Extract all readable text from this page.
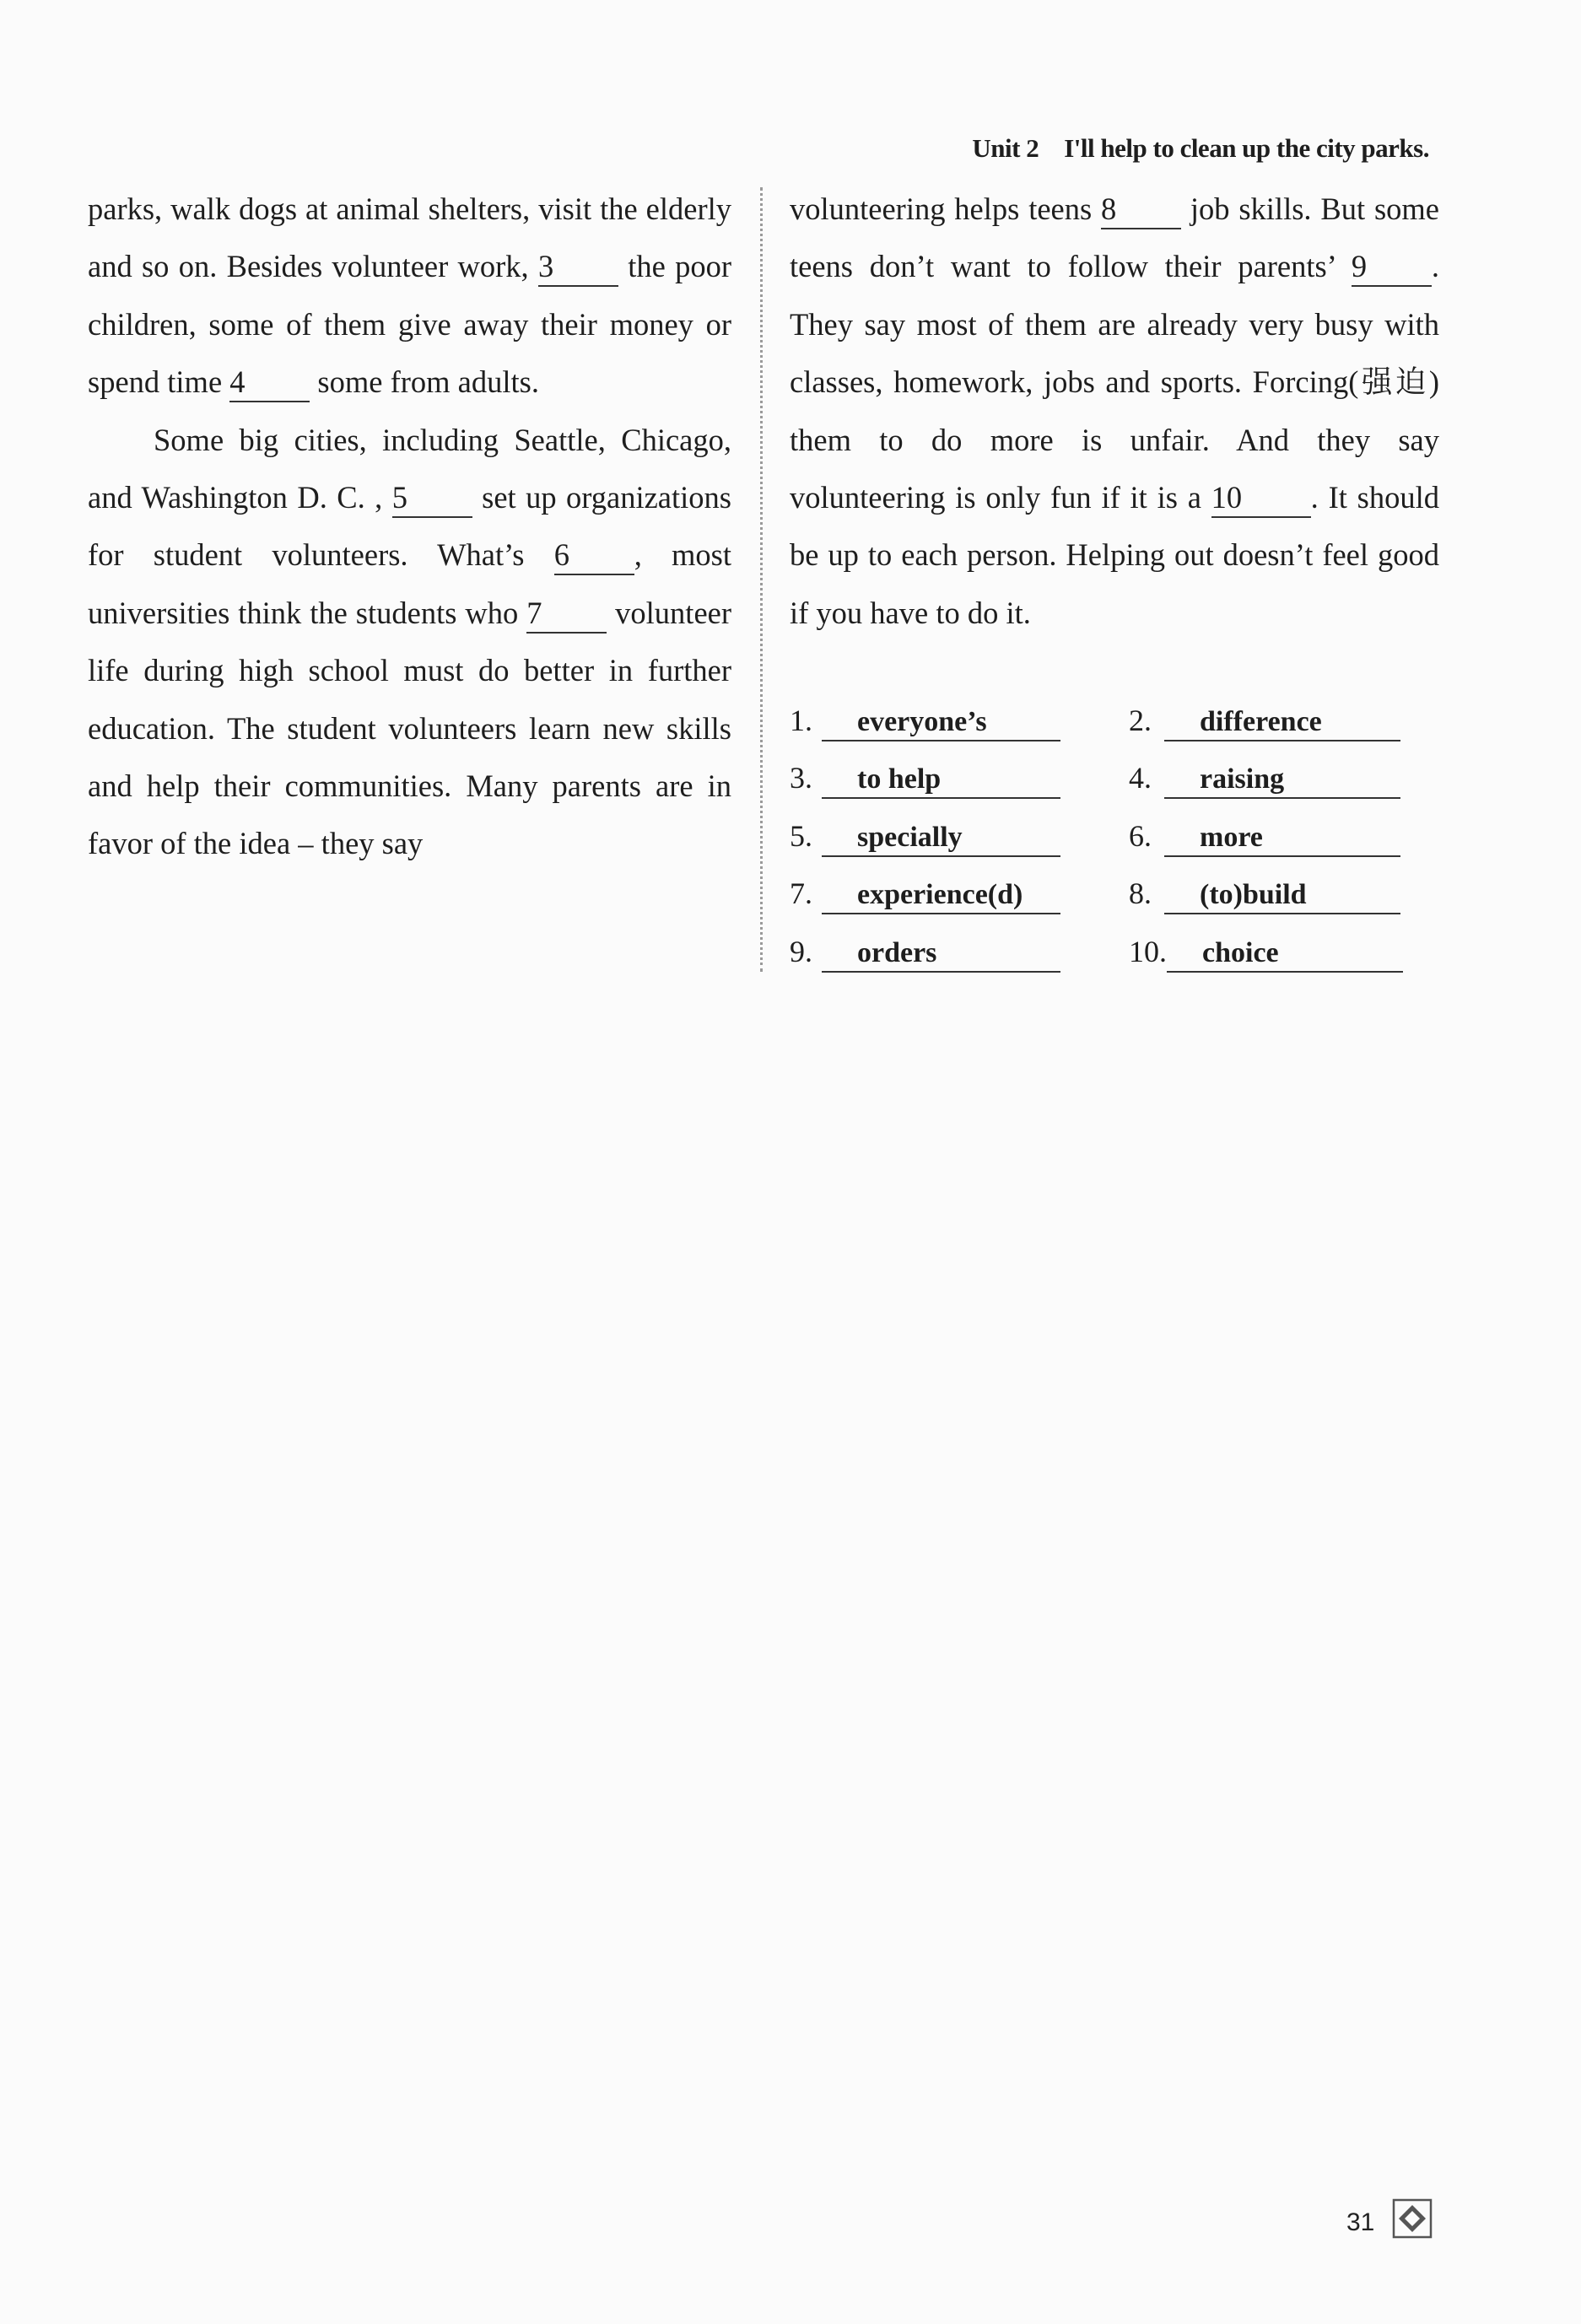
Unit 2 I'll help to clean up the city parks.

parks, walk dogs at animal shelters, visit the elderly and so on. Besides volunteer work, 3 the poor children, some of them give away their money or spend time 4 some from adults.

Some big cities, including Seattle, Chicago, and Washington D. C. , 5 set up organizations for student volunteers. What’s 6 , most universities think the students who 7 volunteer life during high school must do better in further education. The student volunteers learn new skills and help their communities. Many parents are in favor of the idea – they say

volunteering helps teens 8 job skills. But some teens don’t want to follow their parents’ 9 . They say most of them are already very busy with classes, homework, jobs and sports. Forcing(强迫) them to do more is unfair. And they say volunteering is only fun if it is a 10 . It should be up to each person. Helping out doesn’t feel good if you have to do it.

1.	everyone’s	2.	difference
3.	to help	4.	raising
5.	specially	6.	more
7.	experience(d)	8.	(to)build
9.	orders	10.	choice
31
